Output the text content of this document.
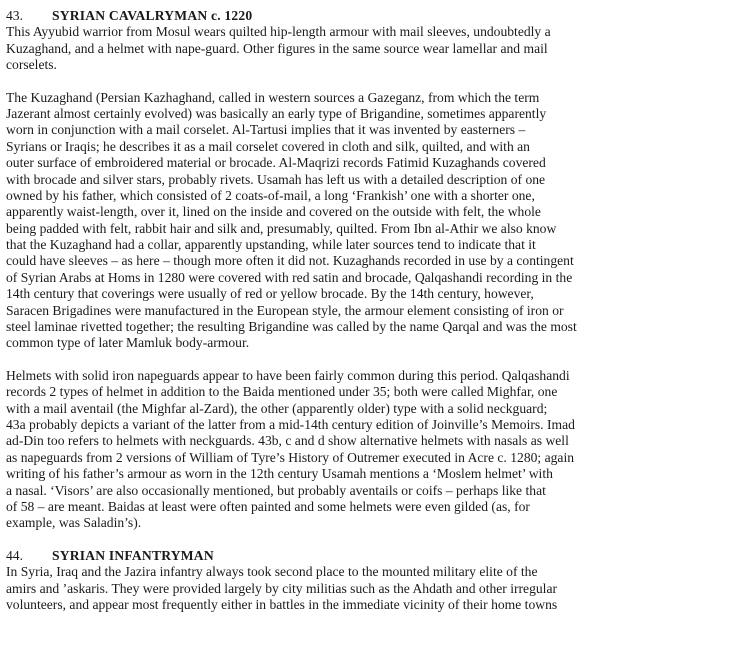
43. SYRIAN CAVALRYMAN c. 1220
This Ayyubid warrior from Mosul wears quilted hip-length armour with mail sleeves, undoubtedly a
Kuzaghand, and a helmet with nape-guard. Other figures in the same source wear lamellar and mail
corselets.
The Kuzaghand (Persian Kazhaghand, called in western sources a Gazeganz, from which the term
Jazerant almost certainly evolved) was basically an early type of Brigandine, sometimes apparently
worn in conjunction with a mail corselet. Al-Tartusi implies that it was invented by easterners –
Syrians or Iraqis; he describes it as a mail corselet covered in cloth and silk, quilted, and with an
outer surface of embroidered material or brocade. Al-Maqrizi records Fatimid Kuzaghands covered
with brocade and silver stars, probably rivets. Usamah has left us with a detailed description of one
owned by his father, which consisted of 2 coats-of-mail, a long ‘Frankish’ one with a shorter one,
apparently waist-length, over it, lined on the inside and covered on the outside with felt, the whole
being padded with felt, rabbit hair and silk and, presumably, quilted. From Ibn al-Athir we also know
that the Kuzaghand had a collar, apparently upstanding, while later sources tend to indicate that it
could have sleeves – as here – though more often it did not. Kuzaghands recorded in use by a contingent
of Syrian Arabs at Homs in 1280 were covered with red satin and brocade, Qalqashandi recording in the
14th century that coverings were usually of red or yellow brocade. By the 14th century, however,
Saracen Brigadines were manufactured in the European style, the armour element consisting of iron or
steel laminae rivetted together; the resulting Brigandine was called by the name Qarqal and was the most
common type of later Mamluk body-armour.
Helmets with solid iron napeguards appear to have been fairly common during this period. Qalqashandi
records 2 types of helmet in addition to the Baida mentioned under 35; both were called Mighfar, one
with a mail aventail (the Mighfar al-Zard), the other (apparently older) type with a solid neckguard;
43a probably depicts a variant of the latter from a mid-14th century edition of Joinville’s Memoirs. Imad
ad-Din too refers to helmets with neckguards. 43b, c and d show alternative helmets with nasals as well
as napeguards from 2 versions of William of Tyre’s History of Outremer executed in Acre c. 1280; again
writing of his father’s armour as worn in the 12th century Usamah mentions a ‘Moslem helmet’ with
a nasal. ‘Visors’ are also occasionally mentioned, but probably aventails or coifs – perhaps like that
of 58 – are meant. Baidas at least were often painted and some helmets were even gilded (as, for
example, was Saladin’s).
44. SYRIAN INFANTRYMAN
In Syria, Iraq and the Jazira infantry always took second place to the mounted military elite of the
amirs and ’askaris. They were provided largely by city militias such as the Ahdath and other irregular
volunteers, and appear most frequently either in battles in the immediate vicinity of their home towns
